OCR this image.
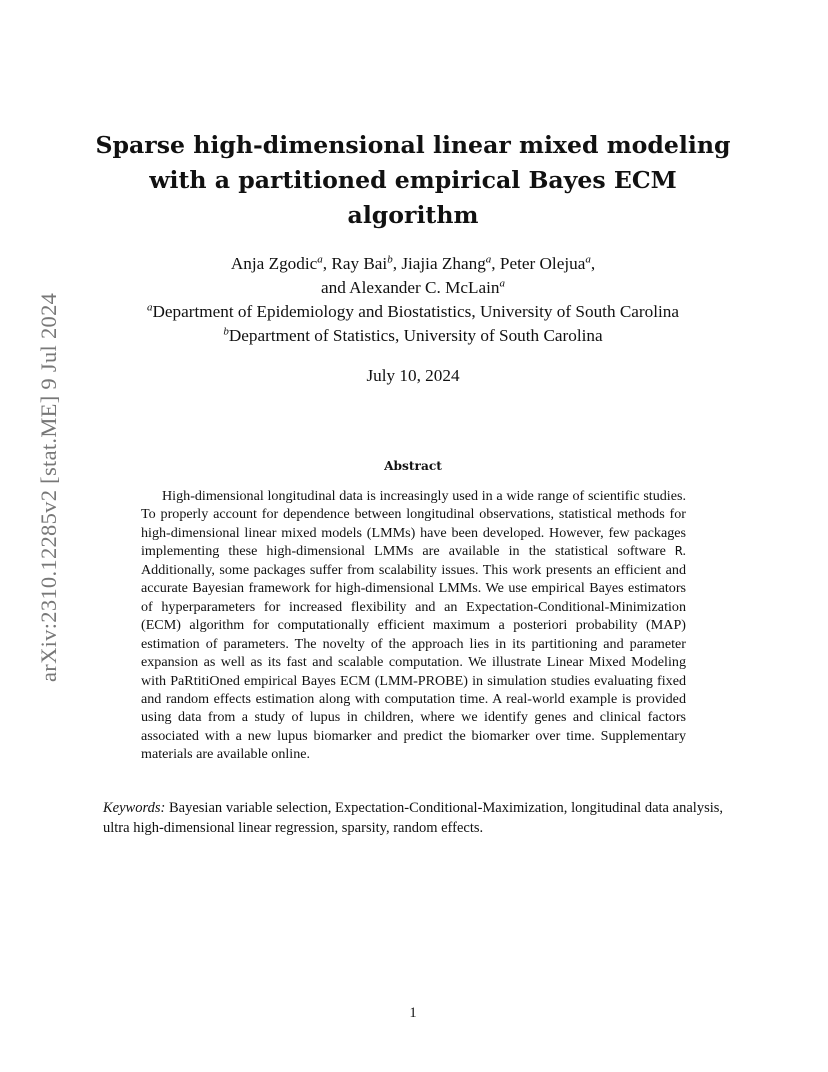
arXiv:2310.12285v2 [stat.ME] 9 Jul 2024
Sparse high-dimensional linear mixed modeling with a partitioned empirical Bayes ECM algorithm
Anja Zgodic$^a$, Ray Bai$^b$, Jiajia Zhang$^a$, Peter Olejua$^a$,
and Alexander C. McLain$^a$
$^a$Department of Epidemiology and Biostatistics, University of South Carolina
$^b$Department of Statistics, University of South Carolina
July 10, 2024
Abstract
High-dimensional longitudinal data is increasingly used in a wide range of scientific studies. To properly account for dependence between longitudinal observations, statistical methods for high-dimensional linear mixed models (LMMs) have been developed. However, few packages implementing these high-dimensional LMMs are available in the statistical software R. Additionally, some packages suffer from scalability issues. This work presents an efficient and accurate Bayesian framework for high-dimensional LMMs. We use empirical Bayes estimators of hyperparameters for increased flexibility and an Expectation-Conditional-Minimization (ECM) algorithm for computationally efficient maximum a posteriori probability (MAP) estimation of parameters. The novelty of the approach lies in its partitioning and parameter expansion as well as its fast and scalable computation. We illustrate Linear Mixed Modeling with PaRtitiOned empirical Bayes ECM (LMM-PROBE) in simulation studies evaluating fixed and random effects estimation along with computation time. A real-world example is provided using data from a study of lupus in children, where we identify genes and clinical factors associated with a new lupus biomarker and predict the biomarker over time. Supplementary materials are available online.
Keywords: Bayesian variable selection, Expectation-Conditional-Maximization, longitudinal data analysis, ultra high-dimensional linear regression, sparsity, random effects.
1
